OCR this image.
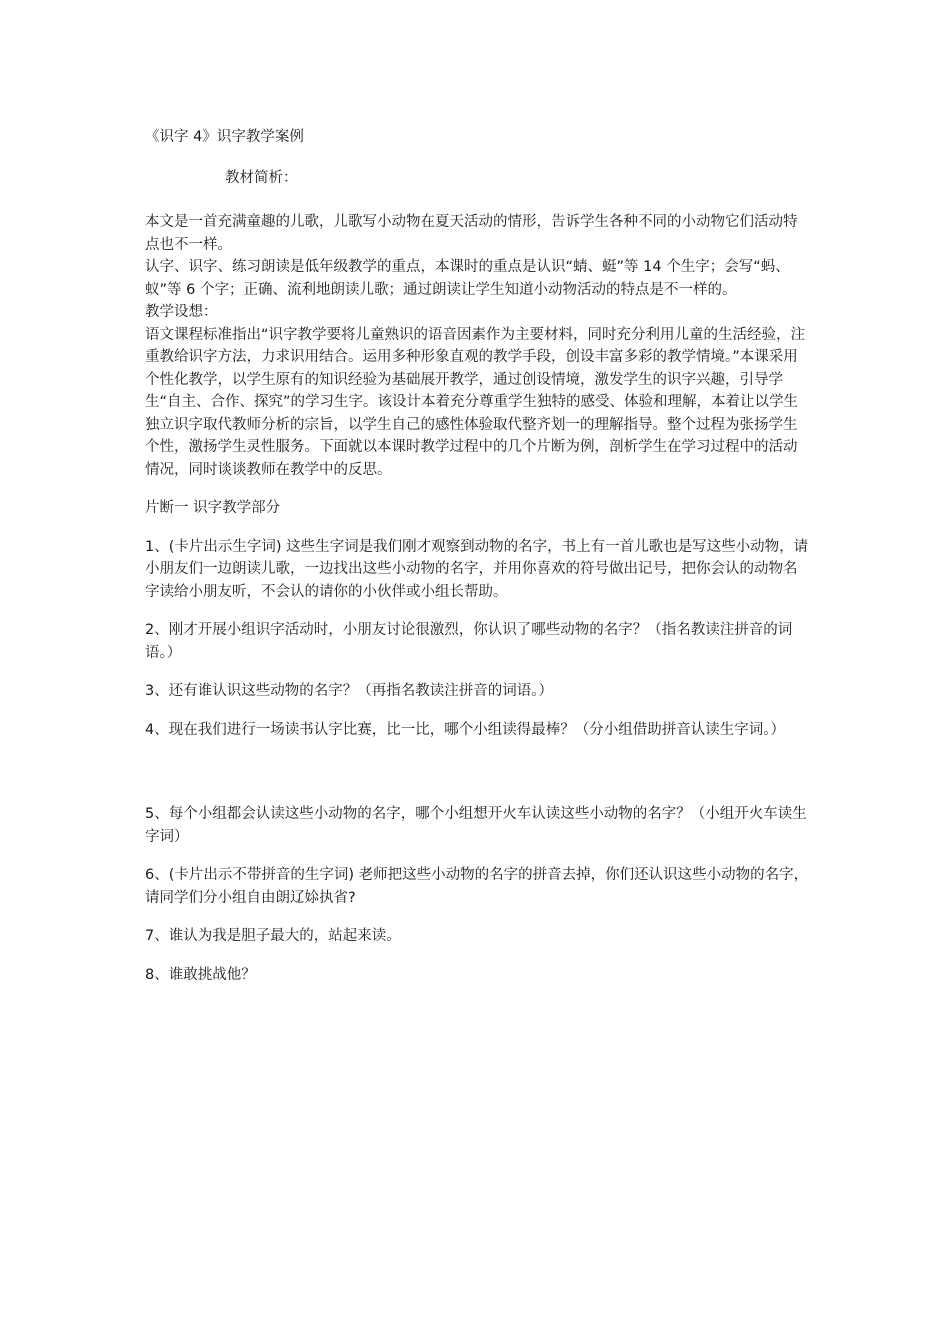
《识字 4》识字教学案例

教材简析：

本文是一首充满童趣的儿歌，儿歌写小动物在夏天活动的情形，告诉学生各种不同的小动物它们活动特点也不一样。

认字、识字、练习朗读是低年级教学的重点，本课时的重点是认识“蜻、蜓”等 14 个生字；会写“蚂、蚁”等 6 个字；正确、流利地朗读儿歌；通过朗读让学生知道小动物活动的特点是不一样的。

教学设想：

语文课程标准指出“识字教学要将儿童熟识的语音因素作为主要材料，同时充分利用儿童的生活经验，注重教给识字方法，力求识用结合。运用多种形象直观的教学手段，创设丰富多彩的教学情境。”本课采用个性化教学，以学生原有的知识经验为基础展开教学，通过创设情境，激发学生的识字兴趣，引导学生“自主、合作、探究”的学习生字。该设计本着充分尊重学生独特的感受、体验和理解，本着让以学生独立识字取代教师分析的宗旨，以学生自己的感性体验取代整齐划一的理解指导。整个过程为张扬学生个性，激扬学生灵性服务。下面就以本课时教学过程中的几个片断为例，剖析学生在学习过程中的活动情况，同时谈谈教师在教学中的反思。

片断一 识字教学部分

1、(卡片出示生字词) 这些生字词是我们刚才观察到动物的名字，书上有一首儿歌也是写这些小动物，请小朋友们一边朗读儿歌，一边找出这些小动物的名字，并用你喜欢的符号做出记号，把你会认的动物名字读给小朋友听，不会认的请你的小伙伴或小组长帮助。

2、刚才开展小组识字活动时，小朋友讨论很激烈，你认识了哪些动物的名字？（指名教读注拼音的词语。）

3、还有谁认识这些动物的名字？（再指名教读注拼音的词语。）

4、现在我们进行一场读书认字比赛，比一比，哪个小组读得最棒？（分小组借助拼音认读生字词。）

5、每个小组都会认读这些小动物的名字，哪个小组想开火车认读这些小动物的名字？（小组开火车读生字词）

6、(卡片出示不带拼音的生字词) 老师把这些小动物的名字的拼音去掉，你们还认识这些小动物的名字，请同学们分小组自由朗辽㛋执省?

7、谁认为我是胆子最大的，站起来读。

8、谁敢挑战他？
